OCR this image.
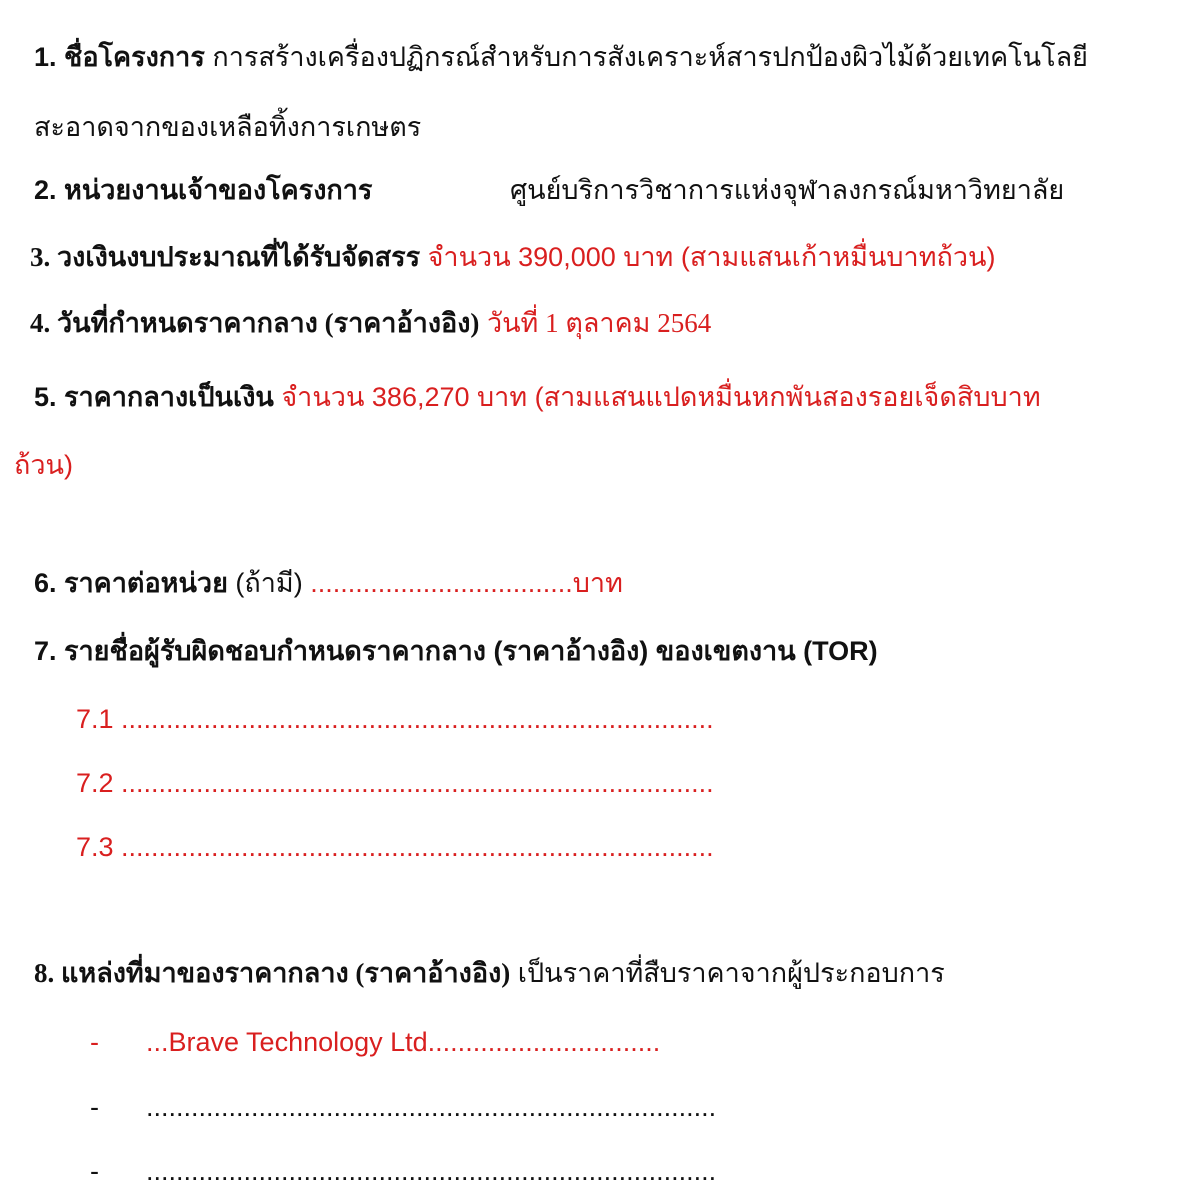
1. ชื่อโครงการ การสร้างเครื่องปฏิกรณ์สำหรับการสังเคราะห์สารปกป้องผิวไม้ด้วยเทคโนโลยี
สะอาดจากของเหลือทิ้งการเกษตร
2. หน่วยงานเจ้าของโครงการ	ศูนย์บริการวิชาการแห่งจุฬาลงกรณ์มหาวิทยาลัย
3. วงเงินงบประมาณที่ได้รับจัดสรร จำนวน 390,000 บาท (สามแสนเก้าหมื่นบาทถ้วน)
4. วันที่กำหนดราคากลาง (ราคาอ้างอิง) วันที่ 1 ตุลาคม 2564
5. ราคากลางเป็นเงิน จำนวน 386,270 บาท (สามแสนแปดหมื่นหกพันสองรอยเจ็ดสิบบาท
ถ้วน)
6. ราคาต่อหน่วย (ถ้ามี) ...................................บาท
7. รายชื่อผู้รับผิดชอบกำหนดราคากลาง (ราคาอ้างอิง) ของเขตงาน (TOR)
7.1 ...............................................................................
7.2 ...............................................................................
7.3 ...............................................................................
8. แหล่งที่มาของราคากลาง (ราคาอ้างอิง) เป็นราคาที่สืบราคาจากผู้ประกอบการ
- ...Brave Technology Ltd...............................
- ............................................................................
- ............................................................................
